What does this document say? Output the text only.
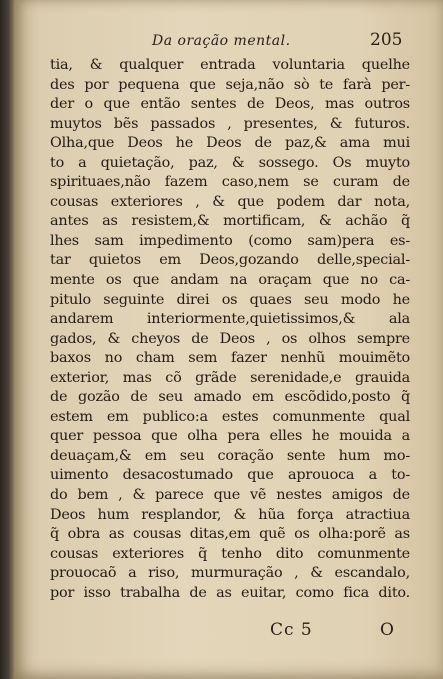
Da oração mental.	205
tia, & qualquer entrada voluntaria quelhe
des por pequena que seja,não sò te farà per-
der o que então sentes de Deos, mas outros
muytos bẽs passados , presentes, & futuros.
Olha,que Deos he Deos de paz,& ama mui
to a quietação, paz, & sossego. Os muyto
spirituaes,não fazem caso,nem se curam de
cousas exteriores , & que podem dar nota,
antes as resistem,& mortificam, & achão q̃
lhes sam impedimento (como sam)pera es-
tar quietos em Deos,gozando delle,special-
mente os que andam na oraçam que no ca-
pitulo seguinte direi os quaes seu modo he
andarem interiormente,quietissimos,& ala
gados, & cheyos de Deos , os olhos sempre
baxos no cham sem fazer nenhũ mouimẽto
exterior, mas cõ grãde serenidade,e grauida
de gozão de seu amado em escõdido,posto q̃
estem em publico:a estes comunmente qual
quer pessoa que olha pera elles he mouida a
deuaçam,& em seu coração sente hum mo-
uimento desacostumado que aprouoca a to-
do bem , & parece que vẽ nestes amigos de
Deos hum resplandor, & hũa força atractiua
q̃ obra as cousas ditas,em quẽ os olha:porẽ as
cousas exteriores q̃ tenho dito comunmente
prouocaõ a riso, murmuração , & escandalo,
por isso trabalha de as euitar, como fica dito.
Cc 5	O
